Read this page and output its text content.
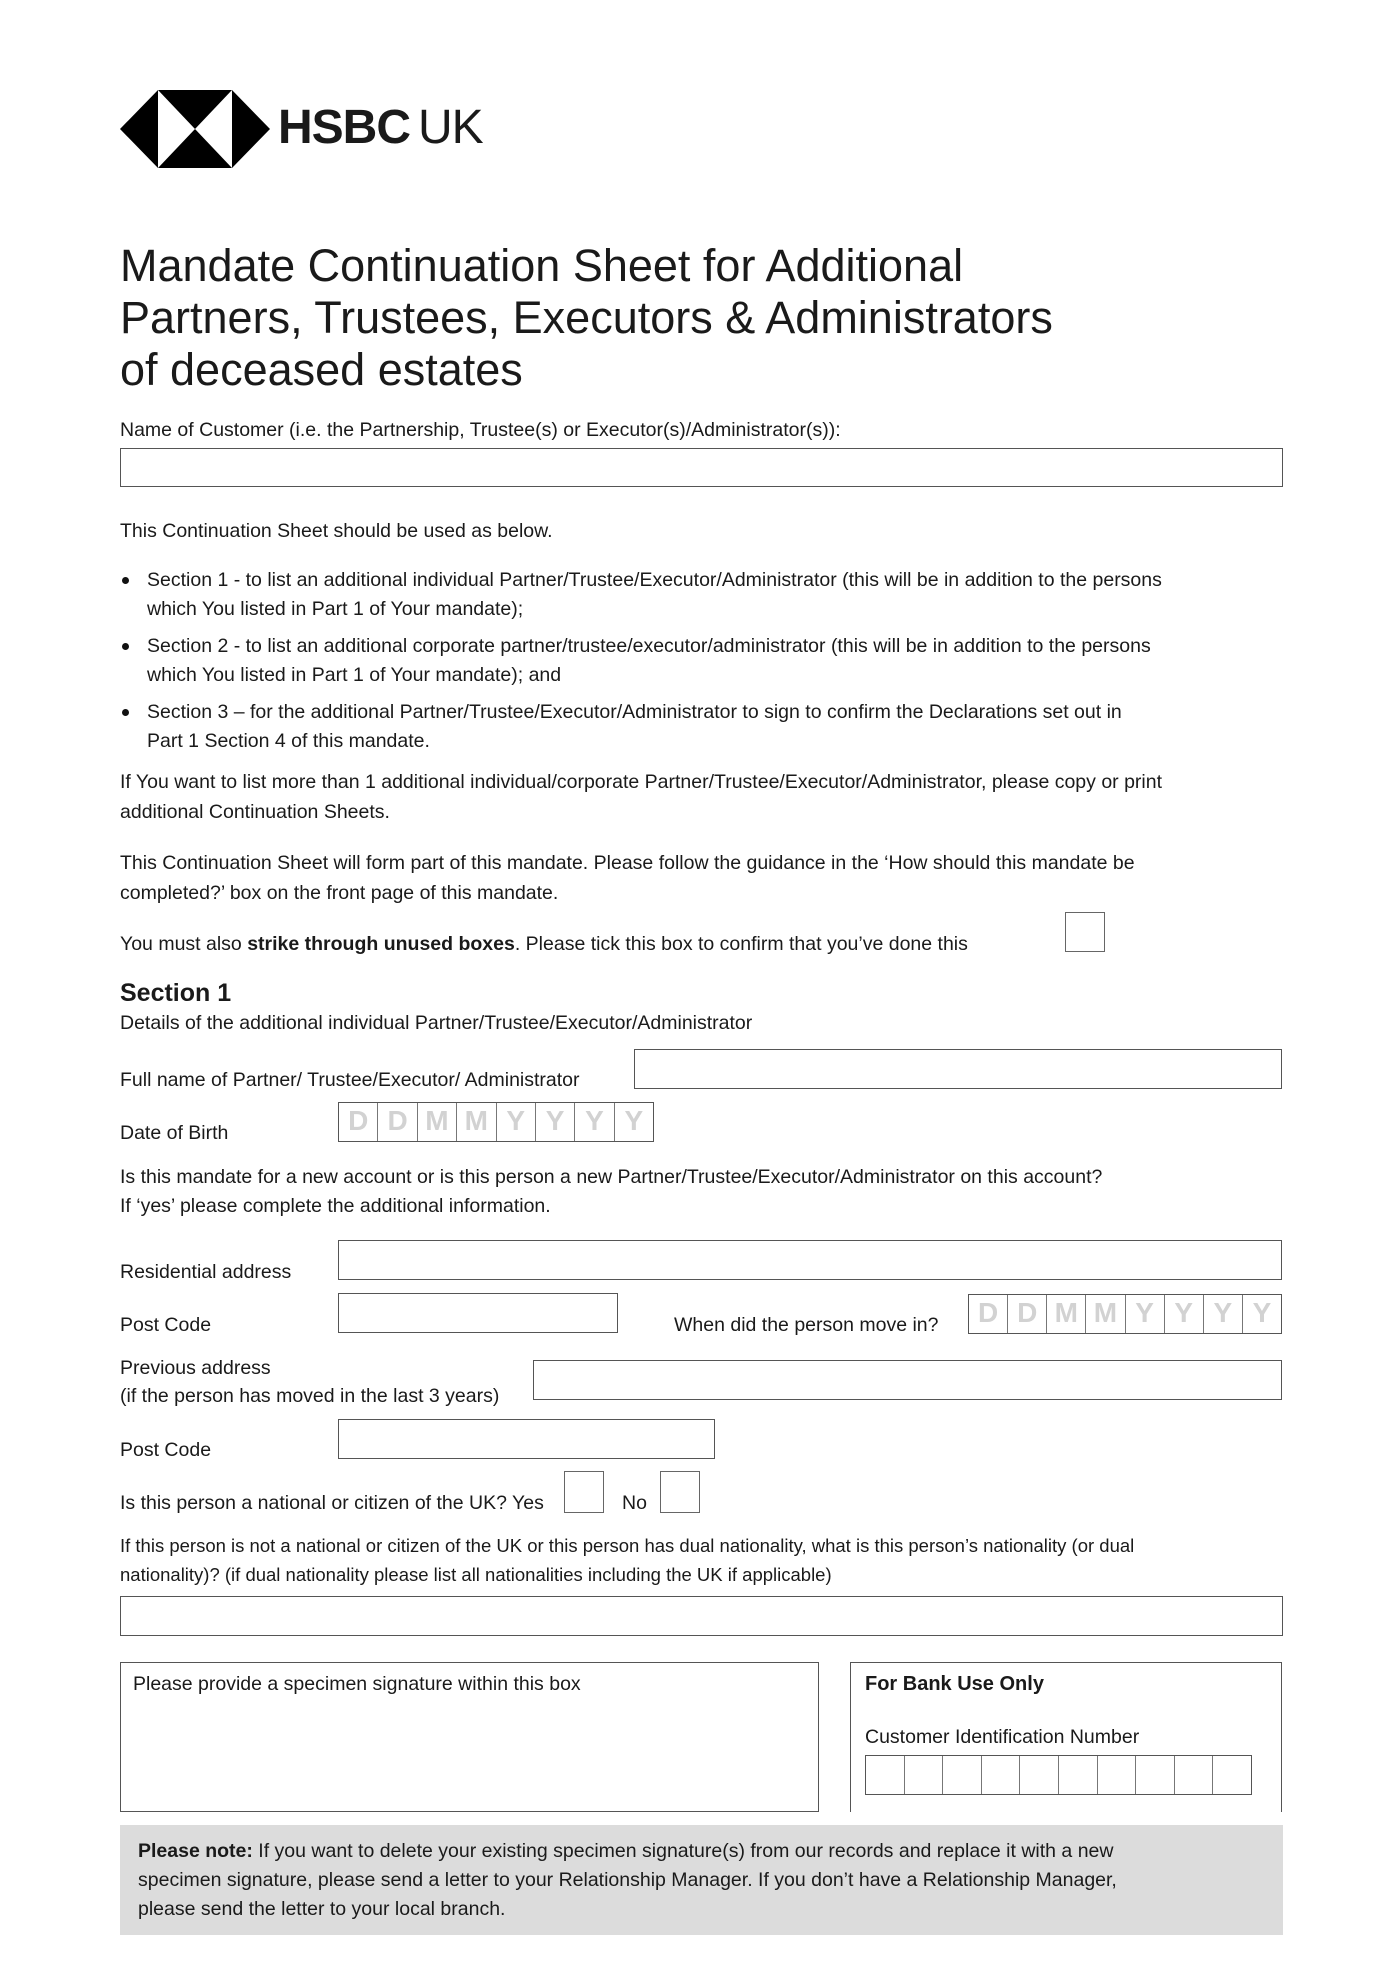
HSBC UK
Mandate Continuation Sheet for Additional
Partners, Trustees, Executors & Administrators
of deceased estates
Name of Customer (i.e. the Partnership, Trustee(s) or Executor(s)/Administrator(s)):
This Continuation Sheet should be used as below.
Section 1 - to list an additional individual Partner/Trustee/Executor/Administrator (this will be in addition to the persons
which You listed in Part 1 of Your mandate);
Section 2 - to list an additional corporate partner/trustee/executor/administrator (this will be in addition to the persons
which You listed in Part 1 of Your mandate); and
Section 3 – for the additional Partner/Trustee/Executor/Administrator to sign to confirm the Declarations set out in
Part 1 Section 4 of this mandate.
If You want to list more than 1 additional individual/corporate Partner/Trustee/Executor/Administrator, please copy or print
additional Continuation Sheets.
This Continuation Sheet will form part of this mandate. Please follow the guidance in the ‘How should this mandate be
completed?’ box on the front page of this mandate.
You must also strike through unused boxes. Please tick this box to confirm that you’ve done this
Section 1
Details of the additional individual Partner/Trustee/Executor/Administrator
Full name of Partner/ Trustee/Executor/ Administrator
Date of Birth	D D M M Y Y Y Y
Is this mandate for a new account or is this person a new Partner/Trustee/Executor/Administrator on this account?
If ‘yes’ please complete the additional information.
Residential address
Post Code	When did the person move in?	D D M M Y Y Y Y
Previous address
(if the person has moved in the last 3 years)
Post Code
Is this person a national or citizen of the UK? Yes	No
If this person is not a national or citizen of the UK or this person has dual nationality, what is this person’s nationality (or dual
nationality)? (if dual nationality please list all nationalities including the UK if applicable)
Please provide a specimen signature within this box	For Bank Use Only
Customer Identification Number
Please note: If you want to delete your existing specimen signature(s) from our records and replace it with a new
specimen signature, please send a letter to your Relationship Manager. If you don’t have a Relationship Manager,
please send the letter to your local branch.
